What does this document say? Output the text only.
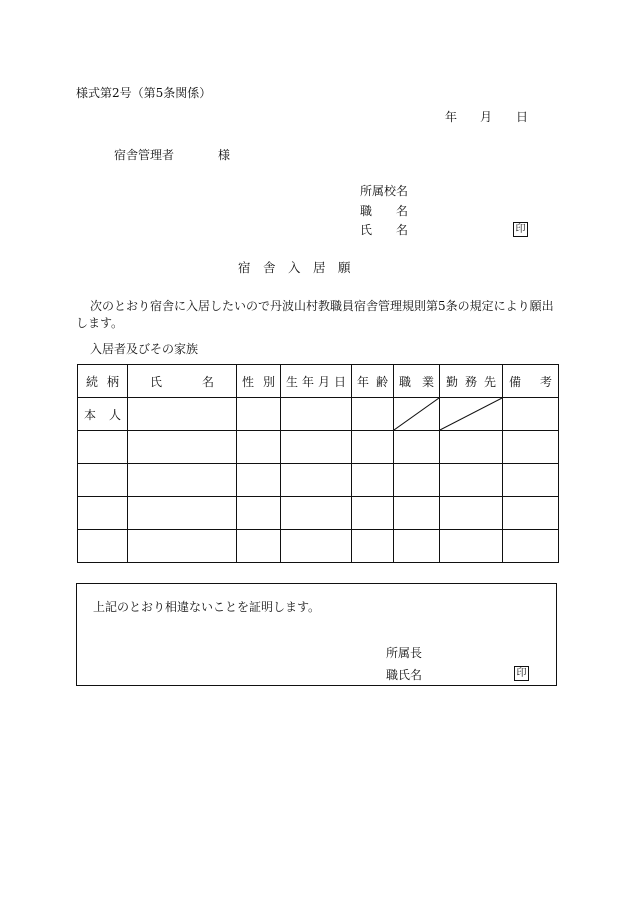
様式第2号（第5条関係）
年 月 日
宿舎管理者	様
所属校名
職　　名
氏　　名	印
宿　舎　入　居　願
次のとおり宿舎に入居したいので丹波山村教職員宿舎管理規則第5条の規定により願出
します。
入居者及びその家族
続 柄	氏 名	性 別	生 年 月 日	年 齢	職 業	勤 務 先	備 考

本 人

上記のとおり相違ないことを証明します。
所属長
職氏名	印
